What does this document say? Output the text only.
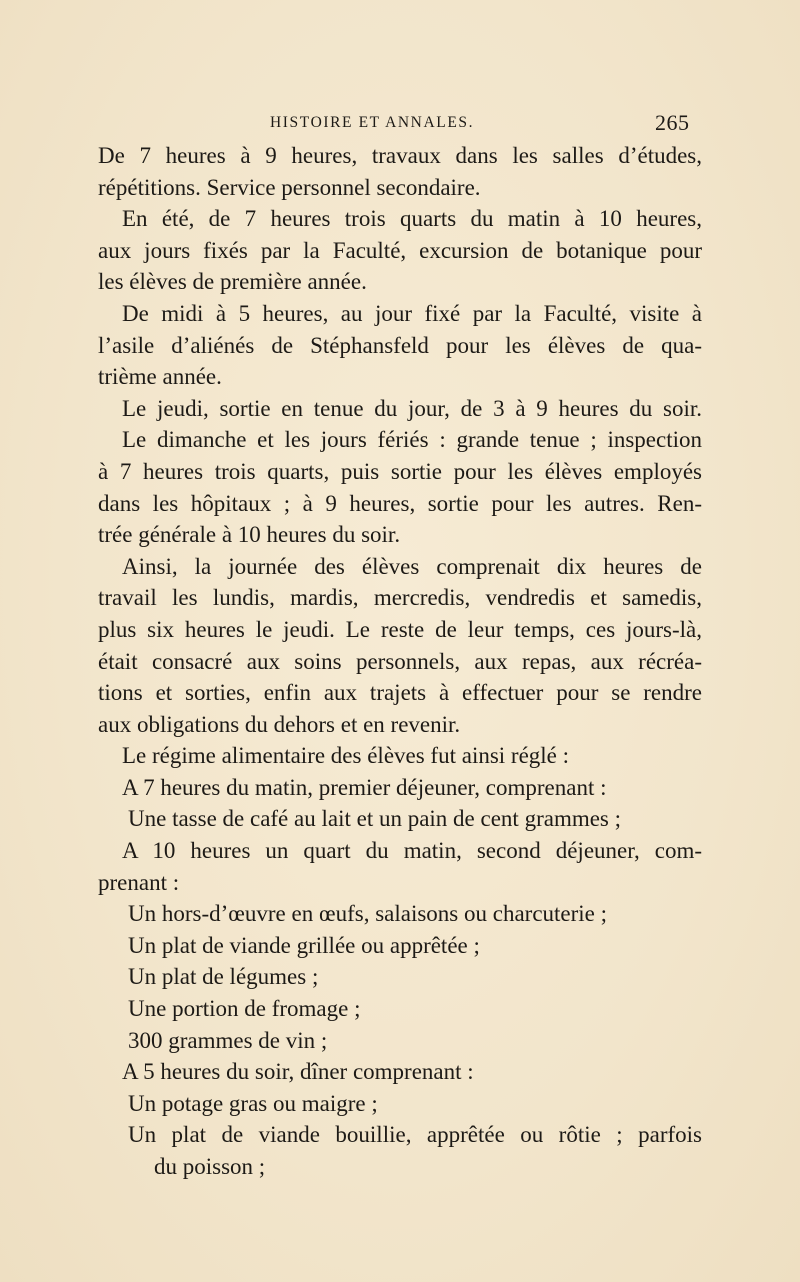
HISTOIRE ET ANNALES.	265
De 7 heures à 9 heures, travaux dans les salles d’études,
répétitions. Service personnel secondaire.
En été, de 7 heures trois quarts du matin à 10 heures,
aux jours fixés par la Faculté, excursion de botanique pour
les élèves de première année.
De midi à 5 heures, au jour fixé par la Faculté, visite à
l’asile d’aliénés de Stéphansfeld pour les élèves de qua-
trième année.
Le jeudi, sortie en tenue du jour, de 3 à 9 heures du soir.
Le dimanche et les jours fériés : grande tenue ; inspection
à 7 heures trois quarts, puis sortie pour les élèves employés
dans les hôpitaux ; à 9 heures, sortie pour les autres. Ren-
trée générale à 10 heures du soir.
Ainsi, la journée des élèves comprenait dix heures de
travail les lundis, mardis, mercredis, vendredis et samedis,
plus six heures le jeudi. Le reste de leur temps, ces jours-là,
était consacré aux soins personnels, aux repas, aux récréa-
tions et sorties, enfin aux trajets à effectuer pour se rendre
aux obligations du dehors et en revenir.
Le régime alimentaire des élèves fut ainsi réglé :
A 7 heures du matin, premier déjeuner, comprenant :
Une tasse de café au lait et un pain de cent grammes ;
A 10 heures un quart du matin, second déjeuner, com-
prenant :
Un hors-d’œuvre en œufs, salaisons ou charcuterie ;
Un plat de viande grillée ou apprêtée ;
Un plat de légumes ;
Une portion de fromage ;
300 grammes de vin ;
A 5 heures du soir, dîner comprenant :
Un potage gras ou maigre ;
Un plat de viande bouillie, apprêtée ou rôtie ; parfois
du poisson ;
